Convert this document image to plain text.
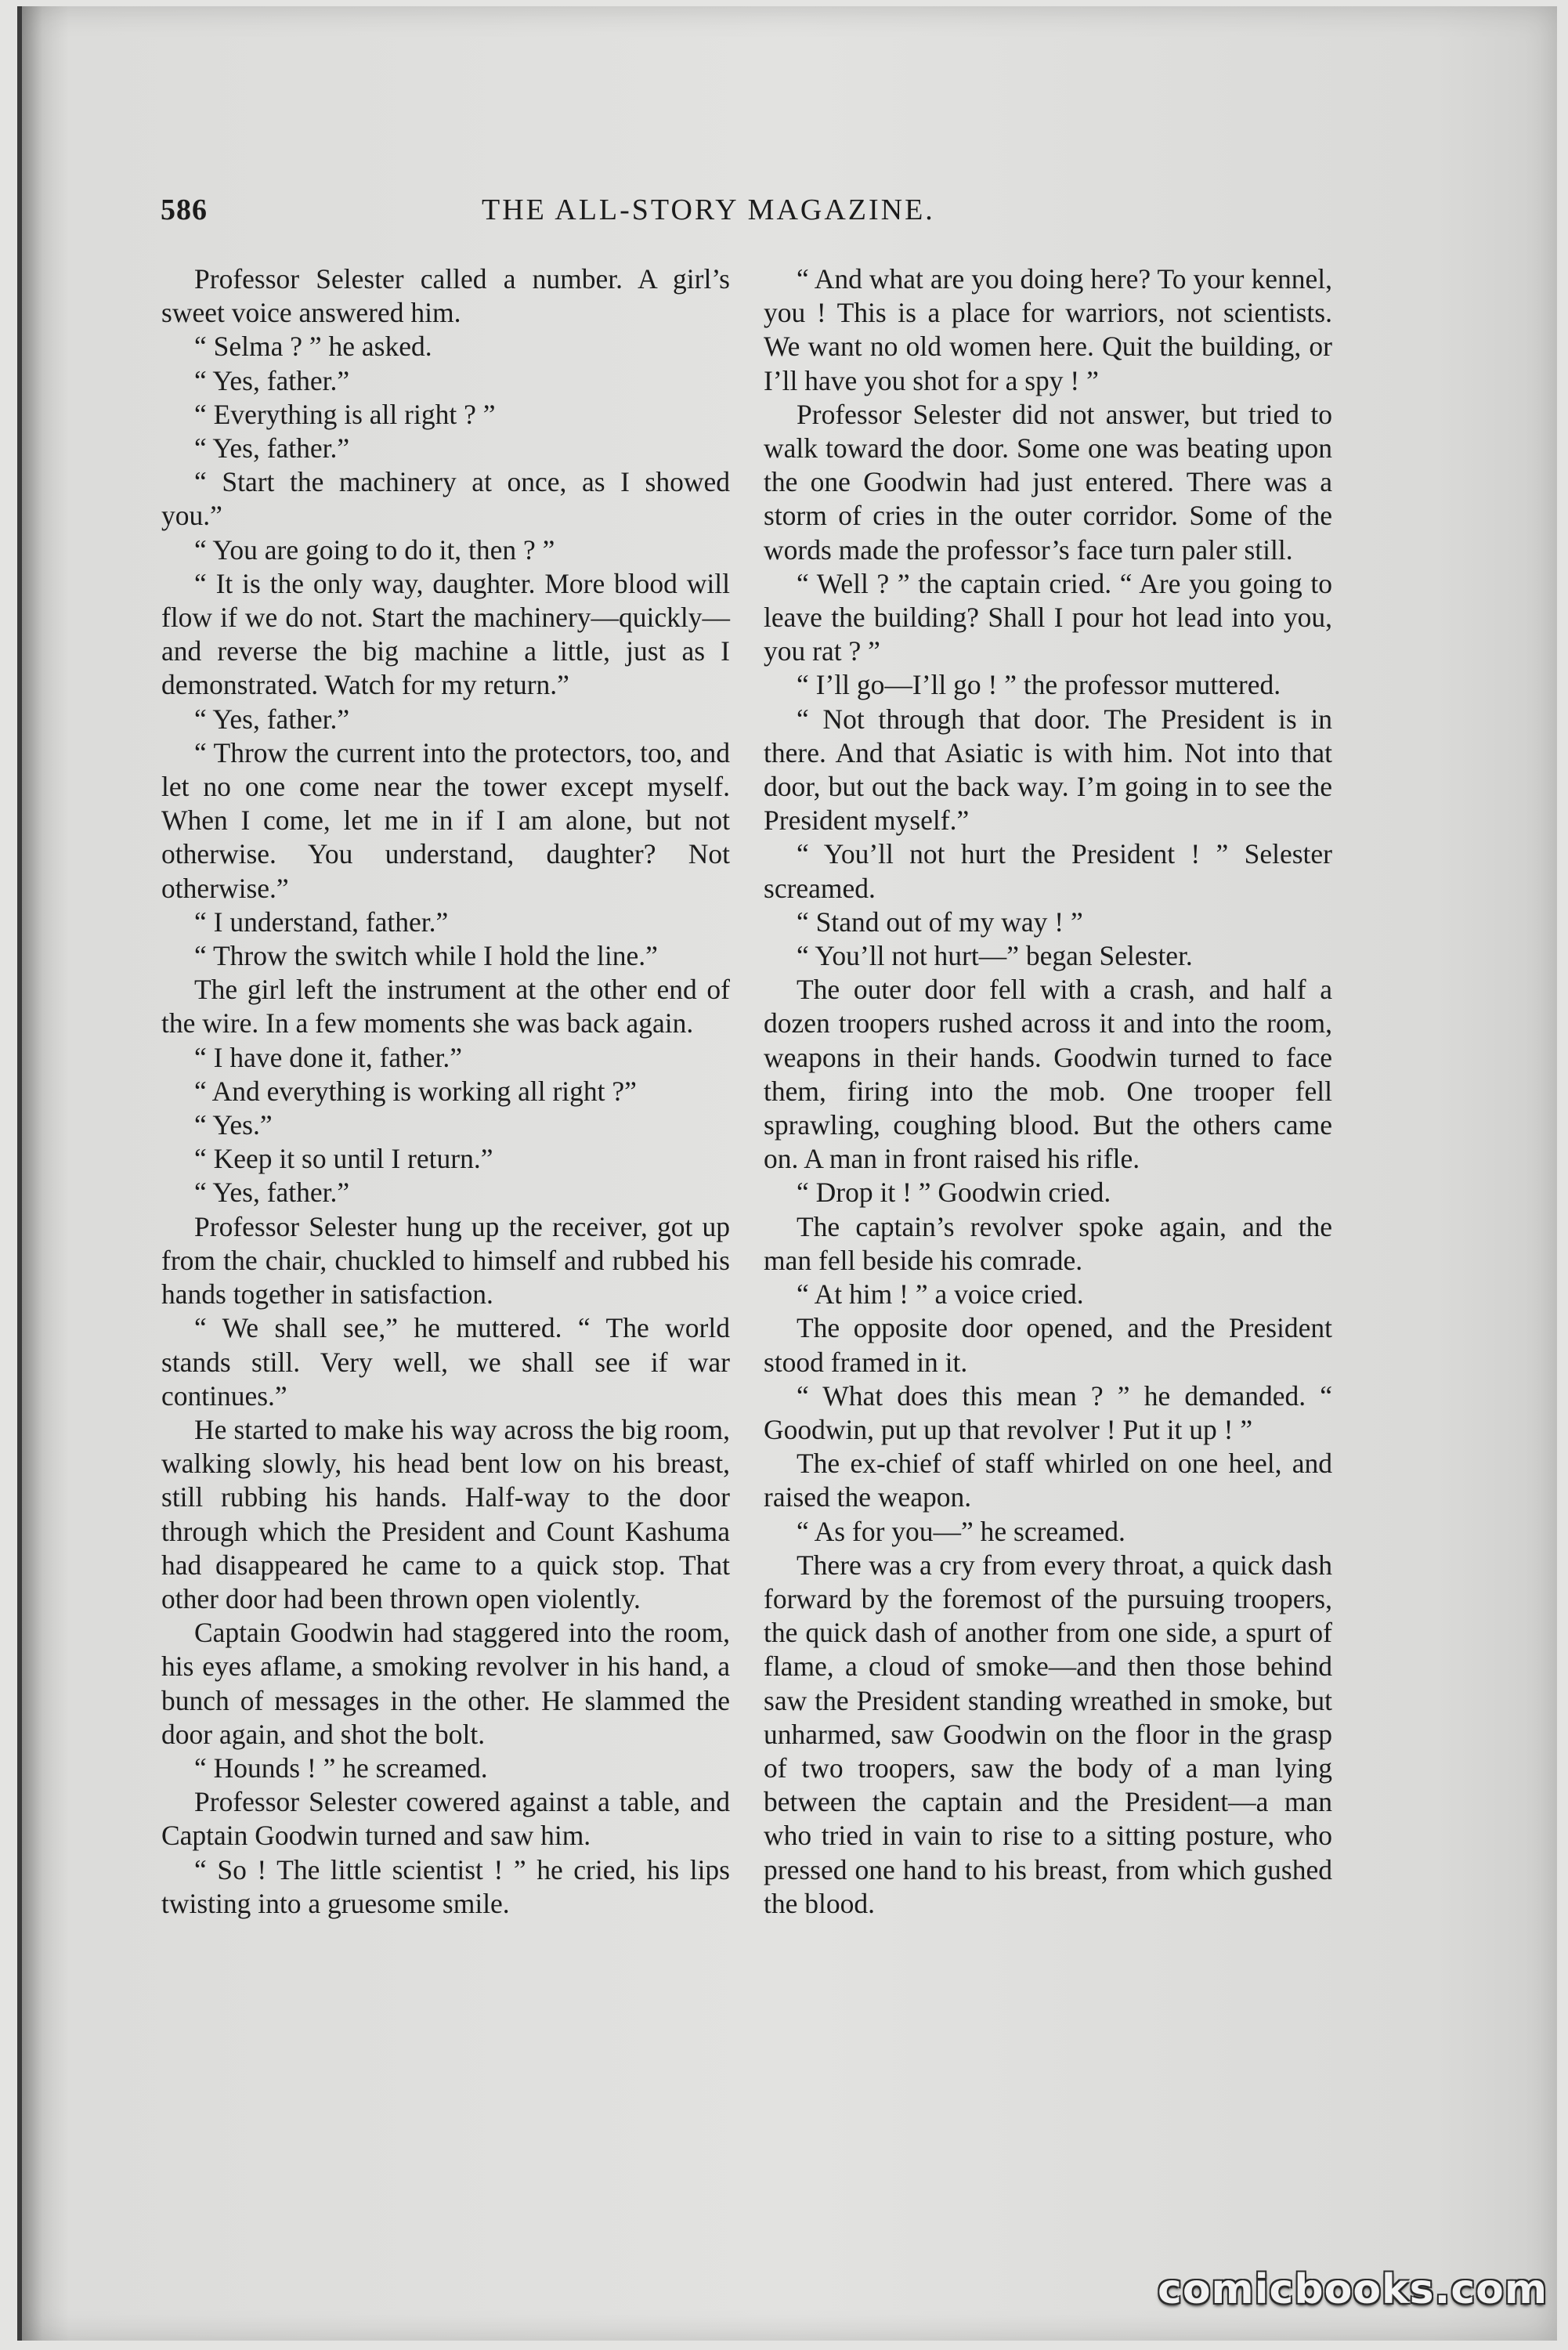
586	THE ALL-STORY MAGAZINE.

Professor Selester called a number. A girl’s sweet voice answered him.

“ Selma ? ” he asked.

“ Yes, father.”

“ Everything is all right ? ”

“ Yes, father.”

“ Start the machinery at once, as I showed you.”

“ You are going to do it, then ? ”

“ It is the only way, daughter. More blood will flow if we do not. Start the machinery—quickly—and reverse the big machine a little, just as I demonstrated. Watch for my return.”

“ Yes, father.”

“ Throw the current into the protectors, too, and let no one come near the tower except myself. When I come, let me in if I am alone, but not otherwise. You understand, daughter? Not otherwise.”

“ I understand, father.”

“ Throw the switch while I hold the line.”

The girl left the instrument at the other end of the wire. In a few moments she was back again.

“ I have done it, father.”

“ And everything is working all right ?”

“ Yes.”

“ Keep it so until I return.”

“ Yes, father.”

Professor Selester hung up the receiver, got up from the chair, chuckled to himself and rubbed his hands together in satisfaction.

“ We shall see,” he muttered. “ The world stands still. Very well, we shall see if war continues.”

He started to make his way across the big room, walking slowly, his head bent low on his breast, still rubbing his hands. Half-way to the door through which the President and Count Kashuma had disappeared he came to a quick stop. That other door had been thrown open violently.

Captain Goodwin had staggered into the room, his eyes aflame, a smoking revolver in his hand, a bunch of messages in the other. He slammed the door again, and shot the bolt.

“ Hounds ! ” he screamed.

Professor Selester cowered against a table, and Captain Goodwin turned and saw him.

“ So ! The little scientist ! ” he cried, his lips twisting into a gruesome smile.

“ And what are you doing here? To your kennel, you ! This is a place for warriors, not scientists. We want no old women here. Quit the building, or I’ll have you shot for a spy ! ”

Professor Selester did not answer, but tried to walk toward the door. Some one was beating upon the one Goodwin had just entered. There was a storm of cries in the outer corridor. Some of the words made the professor’s face turn paler still.

“ Well ? ” the captain cried. “ Are you going to leave the building? Shall I pour hot lead into you, you rat ? ”

“ I’ll go—I’ll go ! ” the professor muttered.

“ Not through that door. The President is in there. And that Asiatic is with him. Not into that door, but out the back way. I’m going in to see the President myself.”

“ You’ll not hurt the President ! ” Selester screamed.

“ Stand out of my way ! ”

“ You’ll not hurt—” began Selester.

The outer door fell with a crash, and half a dozen troopers rushed across it and into the room, weapons in their hands. Goodwin turned to face them, firing into the mob. One trooper fell sprawling, coughing blood. But the others came on. A man in front raised his rifle.

“ Drop it ! ” Goodwin cried.

The captain’s revolver spoke again, and the man fell beside his comrade.

“ At him ! ” a voice cried.

The opposite door opened, and the President stood framed in it.

“ What does this mean ? ” he demanded. “ Goodwin, put up that revolver ! Put it up ! ”

The ex-chief of staff whirled on one heel, and raised the weapon.

“ As for you—” he screamed.

There was a cry from every throat, a quick dash forward by the foremost of the pursuing troopers, the quick dash of another from one side, a spurt of flame, a cloud of smoke—and then those behind saw the President standing wreathed in smoke, but unharmed, saw Goodwin on the floor in the grasp of two troopers, saw the body of a man lying between the captain and the President—a man who tried in vain to rise to a sitting posture, who pressed one hand to his breast, from which gushed the blood.

comicbooks.com
